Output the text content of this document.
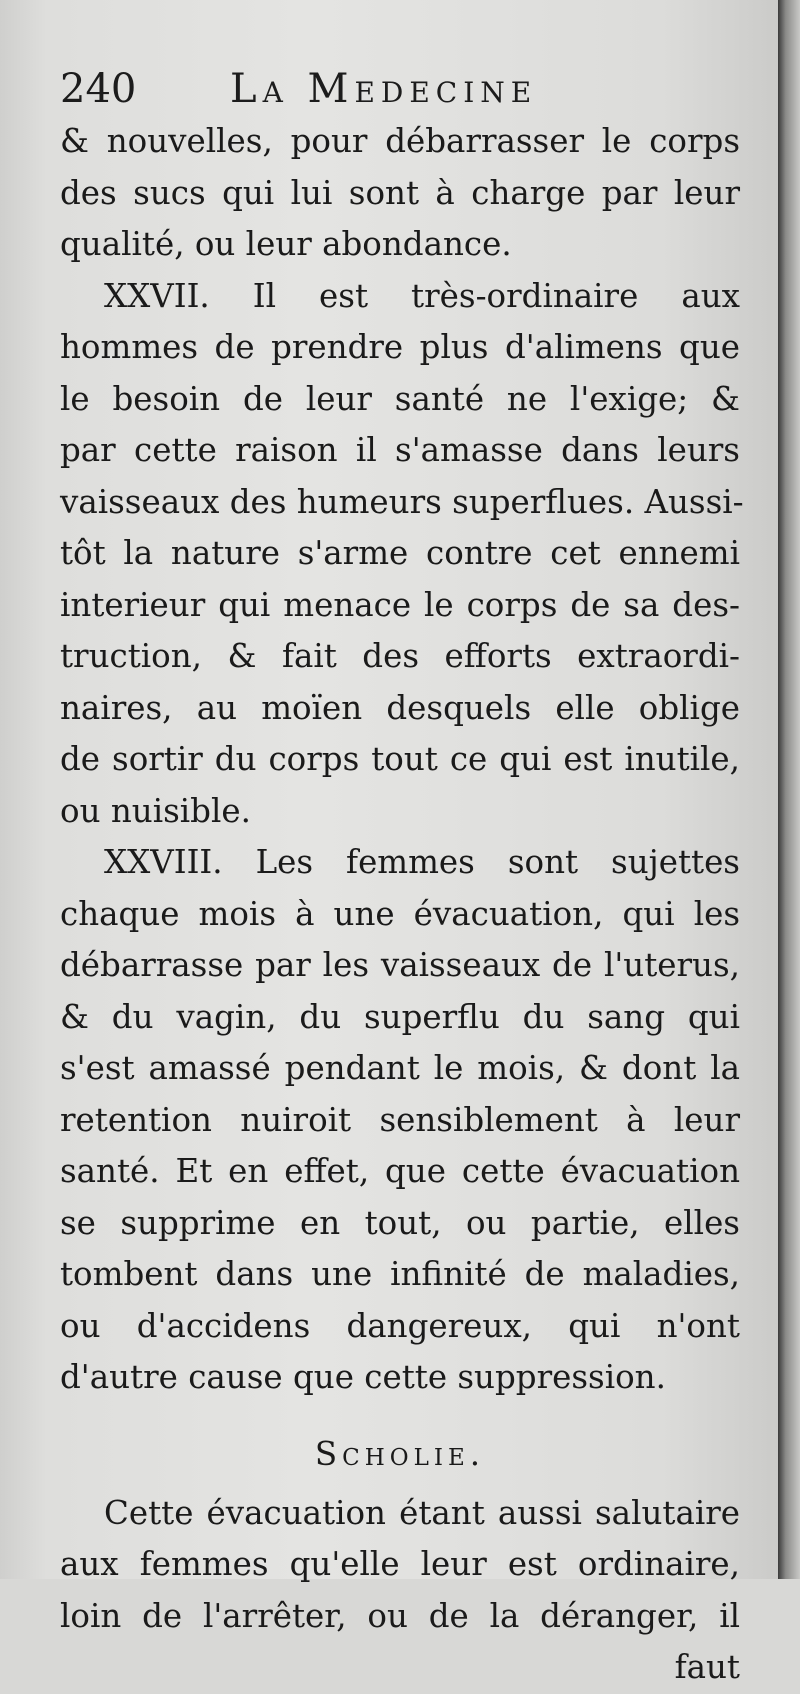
240 La Medecine
& nouvelles, pour débarrasser le corps
des sucs qui lui sont à charge par leur
qualité, ou leur abondance.
XXVII. Il est très-ordinaire aux
hommes de prendre plus d'alimens que
le besoin de leur santé ne l'exige; &
par cette raison il s'amasse dans leurs
vaisseaux des humeurs superflues. Aussi-
tôt la nature s'arme contre cet ennemi
interieur qui menace le corps de sa des-
truction, & fait des efforts extraordi-
naires, au moïen desquels elle oblige
de sortir du corps tout ce qui est inutile,
ou nuisible.
XXVIII. Les femmes sont sujettes
chaque mois à une évacuation, qui les
débarrasse par les vaisseaux de l'uterus,
& du vagin, du superflu du sang qui
s'est amassé pendant le mois, & dont la
retention nuiroit sensiblement à leur
santé. Et en effet, que cette évacuation
se supprime en tout, ou partie, elles
tombent dans une infinité de maladies,
ou d'accidens dangereux, qui n'ont
d'autre cause que cette suppression.
Scholie.
Cette évacuation étant aussi salutaire
aux femmes qu'elle leur est ordinaire,
loin de l'arrêter, ou de la déranger, il
faut
